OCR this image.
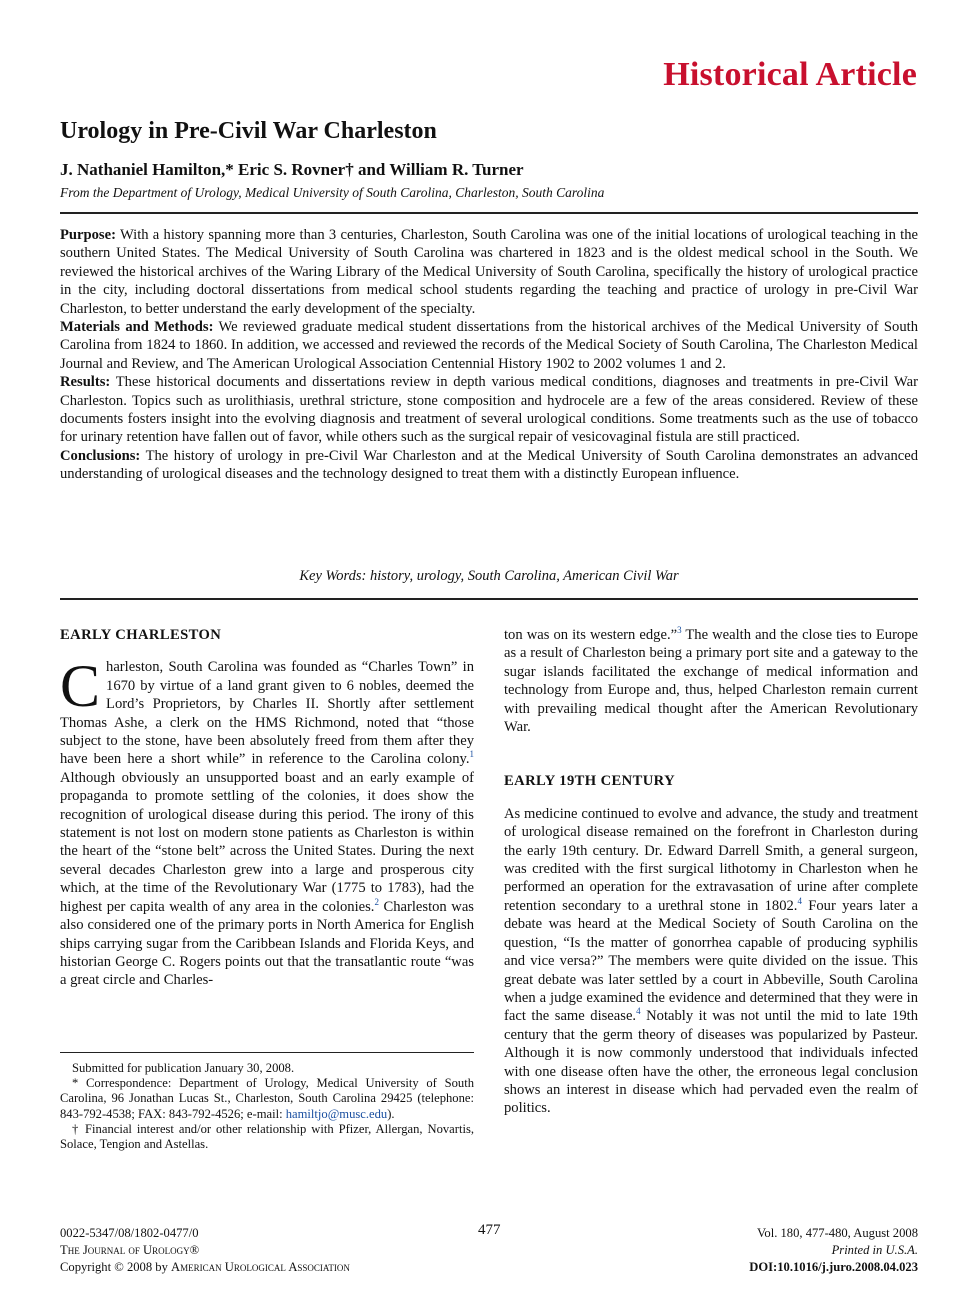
Historical Article
Urology in Pre-Civil War Charleston
J. Nathaniel Hamilton,* Eric S. Rovner† and William R. Turner
From the Department of Urology, Medical University of South Carolina, Charleston, South Carolina

Purpose: With a history spanning more than 3 centuries, Charleston, South Carolina was one of the initial locations of urological teaching in the southern United States. The Medical University of South Carolina was chartered in 1823 and is the oldest medical school in the South. We reviewed the historical archives of the Waring Library of the Medical University of South Carolina, specifically the history of urological practice in the city, including doctoral dissertations from medical school students regarding the teaching and practice of urology in pre-Civil War Charleston, to better understand the early development of the specialty.

Materials and Methods: We reviewed graduate medical student dissertations from the historical archives of the Medical University of South Carolina from 1824 to 1860. In addition, we accessed and reviewed the records of the Medical Society of South Carolina, The Charleston Medical Journal and Review, and The American Urological Association Centennial History 1902 to 2002 volumes 1 and 2.

Results: These historical documents and dissertations review in depth various medical conditions, diagnoses and treatments in pre-Civil War Charleston. Topics such as urolithiasis, urethral stricture, stone composition and hydrocele are a few of the areas considered. Review of these documents fosters insight into the evolving diagnosis and treatment of several urological conditions. Some treatments such as the use of tobacco for urinary retention have fallen out of favor, while others such as the surgical repair of vesicovaginal fistula are still practiced.

Conclusions: The history of urology in pre-Civil War Charleston and at the Medical University of South Carolina demonstrates an advanced understanding of urological diseases and the technology designed to treat them with a distinctly European influence.

Key Words: history, urology, South Carolina, American Civil War
EARLY CHARLESTON

Charleston, South Carolina was founded as “Charles Town” in 1670 by virtue of a land grant given to 6 nobles, deemed the Lord’s Proprietors, by Charles II. Shortly after settlement Thomas Ashe, a clerk on the HMS Richmond, noted that “those subject to the stone, have been absolutely freed from them after they have been here a short while” in reference to the Carolina colony.$^1$ Although obviously an unsupported boast and an early example of propaganda to promote settling of the colonies, it does show the recognition of urological disease during this period. The irony of this statement is not lost on modern stone patients as Charleston is within the heart of the “stone belt” across the United States. During the next several decades Charleston grew into a large and prosperous city which, at the time of the Revolutionary War (1775 to 1783), had the highest per capita wealth of any area in the colonies.$^2$ Charleston was also considered one of the primary ports in North America for English ships carrying sugar from the Caribbean Islands and Florida Keys, and historian George C. Rogers points out that the transatlantic route “was a great circle and Charles-

Submitted for publication January 30, 2008.

* Correspondence: Department of Urology, Medical University of South Carolina, 96 Jonathan Lucas St., Charleston, South Carolina 29425 (telephone: 843-792-4538; FAX: 843-792-4526; e-mail: hamiltjo@musc.edu).

† Financial interest and/or other relationship with Pfizer, Allergan, Novartis, Solace, Tengion and Astellas.

ton was on its western edge.”$^3$ The wealth and the close ties to Europe as a result of Charleston being a primary port site and a gateway to the sugar islands facilitated the exchange of medical information and technology from Europe and, thus, helped Charleston remain current with prevailing medical thought after the American Revolutionary War.

EARLY 19TH CENTURY

As medicine continued to evolve and advance, the study and treatment of urological disease remained on the forefront in Charleston during the early 19th century. Dr. Edward Darrell Smith, a general surgeon, was credited with the first surgical lithotomy in Charleston when he performed an operation for the extravasation of urine after complete retention secondary to a urethral stone in 1802.$^4$ Four years later a debate was heard at the Medical Society of South Carolina on the question, “Is the matter of gonorrhea capable of producing syphilis and vice versa?” The members were quite divided on the issue. This great debate was later settled by a court in Abbeville, South Carolina when a judge examined the evidence and determined that they were in fact the same disease.$^4$ Notably it was not until the mid to late 19th century that the germ theory of diseases was popularized by Pasteur. Although it is now commonly understood that individuals infected with one disease often have the other, the erroneous legal conclusion shows an interest in disease which had pervaded even the realm of politics.

0022-5347/08/1802-0477/0
The Journal of Urology®
Copyright © 2008 by American Urological Association
477	Vol. 180, 477-480, August 2008
Printed in U.S.A.
DOI:10.1016/j.juro.2008.04.023
